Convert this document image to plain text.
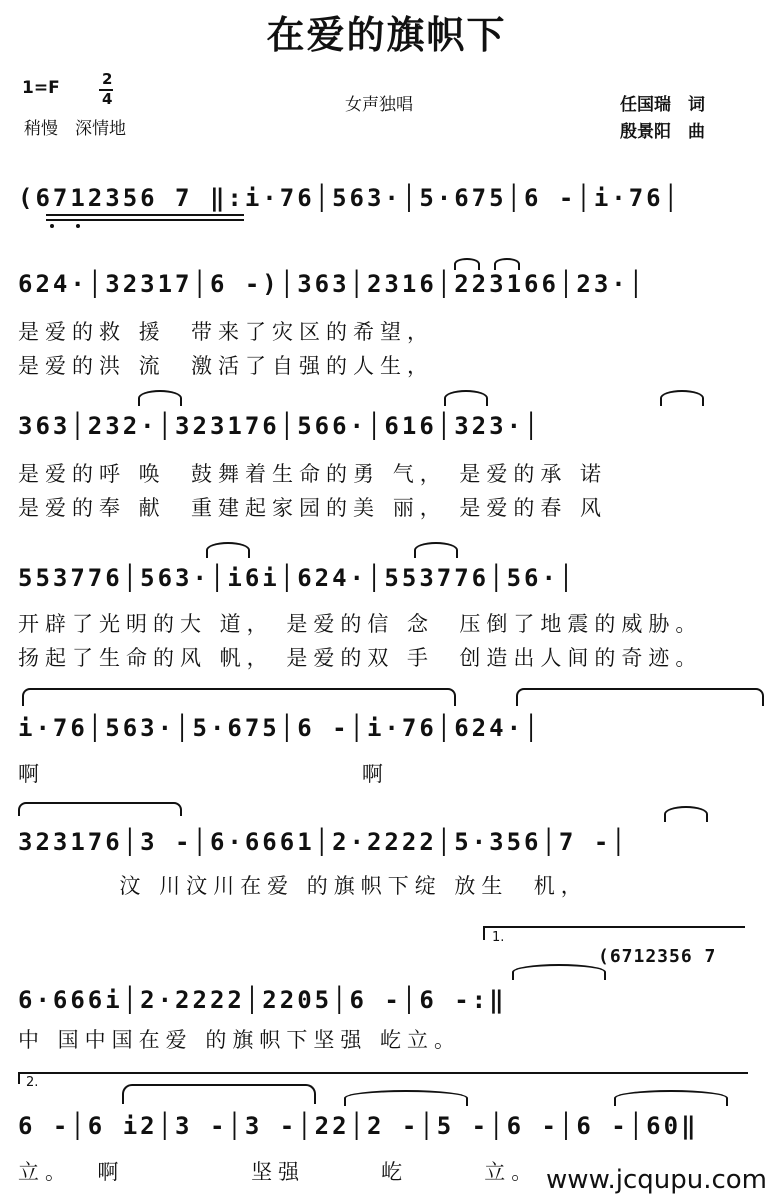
在爱的旗帜下
1=F	2
4
稍慢　深情地
女声独唱	任国瑞　词
殷景阳　曲
(6712356 7 ‖:i·76│563·│5·675│6 -│i·76│
624·│32317│6 -)│363│2316│223166│23·│
是爱的救 援  带来了灾区的希望，
是爱的洪 流  激活了自强的人生，
363│232·│323176│566·│616│323·│
是爱的呼 唤  鼓舞着生命的勇 气， 是爱的承 诺
是爱的奉 献  重建起家园的美 丽， 是爱的春 风
553776│563·│i6i│624·│553776│56·│
开辟了光明的大 道， 是爱的信 念  压倒了地震的威胁。
扬起了生命的风 帆， 是爱的双 手  创造出人间的奇迹。
i·76│563·│5·675│6 -│i·76│624·│
啊                         啊
323176│3 -│6·6661│2·2222│5·356│7 -│
汶 川汶川在爱 的旗帜下绽 放生  机，
1.
(6712356 7
6·666i│2·2222│2205│6 -│6 -:‖
中 国中国在爱 的旗帜下坚强 屹立。
2.
6 -│6 i2│3 -│3 -│22│2 -│5 -│6 -│6 -│60‖
立。  啊          坚强      屹      立。 www.jcqupu.com
